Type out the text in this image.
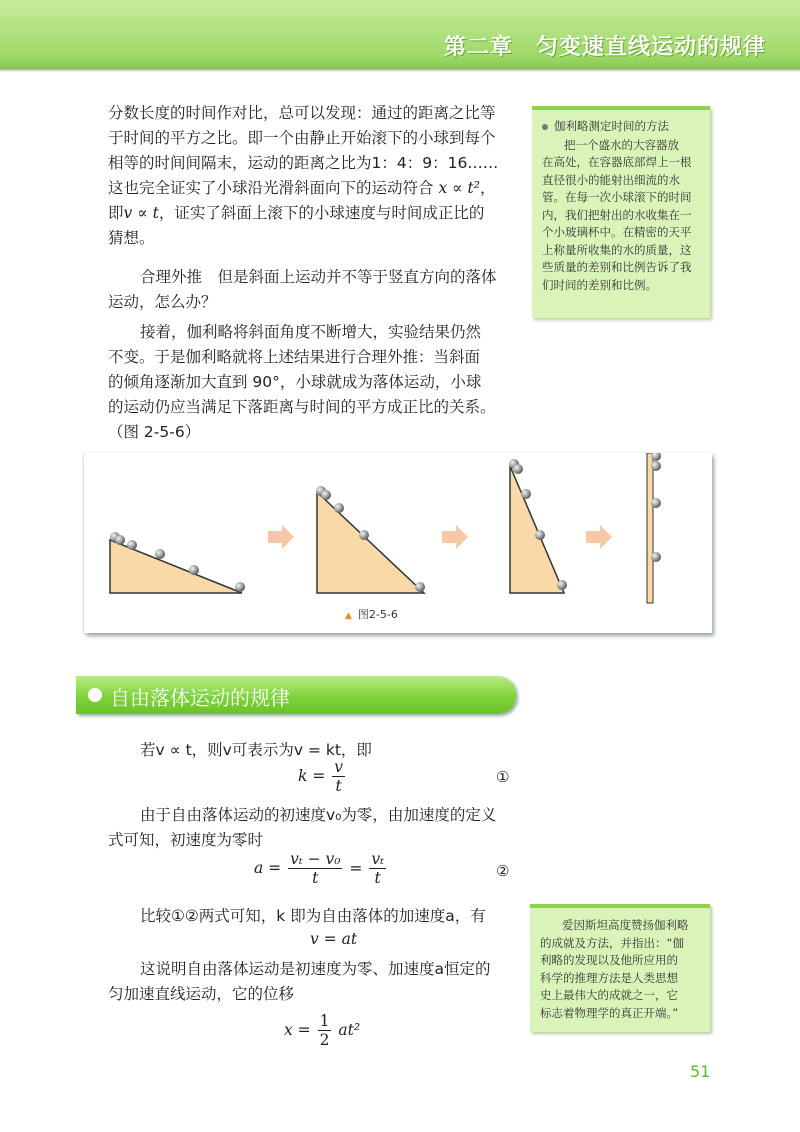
第二章　匀变速直线运动的规律

分数长度的时间作对比，总可以发现：通过的距离之比等

于时间的平方之比。即一个由静止开始滚下的小球到每个

相等的时间间隔末，运动的距离之比为1：4：9：16……

这也完全证实了小球沿光滑斜面向下的运动符合 x ∝ t²，

即v ∝ t，证实了斜面上滚下的小球速度与时间成正比的

猜想。

合理外推　但是斜面上运动并不等于竖直方向的落体

运动，怎么办？

接着，伽利略将斜面角度不断增大，实验结果仍然

不变。于是伽利略就将上述结果进行合理外推：当斜面

的倾角逐渐加大直到 90°，小球就成为落体运动，小球

的运动仍应当满足下落距离与时间的平方成正比的关系。

（图 2-5-6）

伽利略测定时间的方法
把一个盛水的大容器放
在高处，在容器底部焊上一根
直径很小的能射出细流的水
管。在每一次小球滚下的时间
内，我们把射出的水收集在一
个小玻璃杯中。在精密的天平
上称量所收集的水的质量，这
些质量的差别和比例告诉了我
们时间的差别和比例。
▲ 图2-5-6
自由落体运动的规律
若v ∝ t，则v可表示为v = kt，即
$k = \frac{v}{t}$	①
由于自由落体运动的初速度v₀为零，由加速度的定义
式可知，初速度为零时
$a = \frac{\text{vₜ − v₀}}{t} = \frac{\text{vₜ}}{t}$	②
比较①②两式可知，k 即为自由落体的加速度a，有
v = at
这说明自由落体运动是初速度为零、加速度a恒定的
匀加速直线运动，它的位移
$x = \frac{1}{2} at^2$
爱因斯坦高度赞扬伽利略
的成就及方法，并指出：“伽
利略的发现以及他所应用的
科学的推理方法是人类思想
史上最伟大的成就之一，它
标志着物理学的真正开端。”
51
